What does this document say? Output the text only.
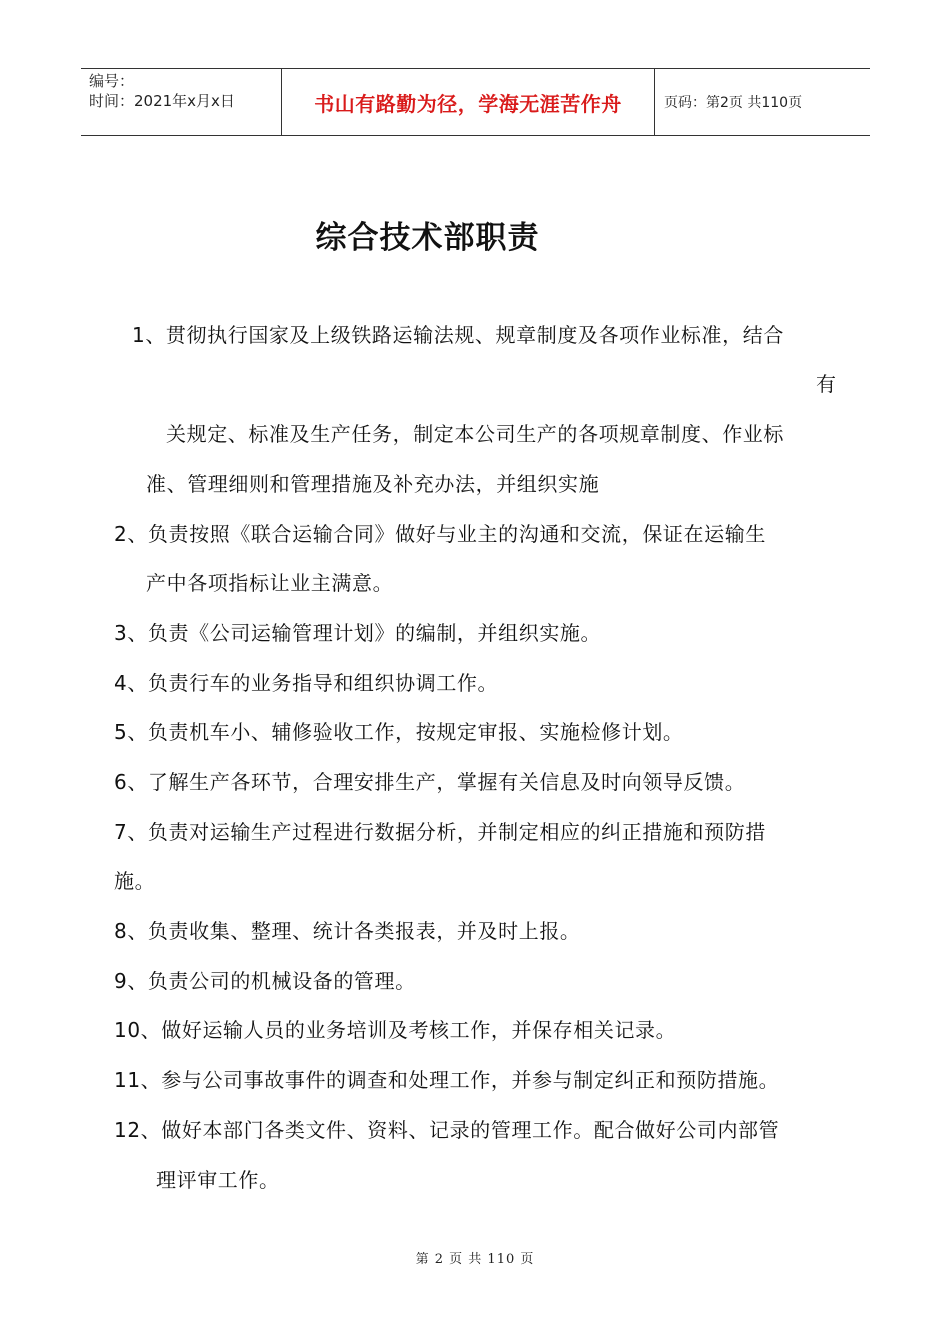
编号：
时间：2021年x月x日	书山有路勤为径，学海无涯苦作舟	页码：第2页 共110页
综合技术部职责
1、贯彻执行国家及上级铁路运输法规、规章制度及各项作业标准，结合
有
关规定、标准及生产任务，制定本公司生产的各项规章制度、作业标
准、管理细则和管理措施及补充办法，并组织实施
2、负责按照《联合运输合同》做好与业主的沟通和交流，保证在运输生
产中各项指标让业主满意。
3、负责《公司运输管理计划》的编制，并组织实施。
4、负责行车的业务指导和组织协调工作。
5、负责机车小、辅修验收工作，按规定审报、实施检修计划。
6、了解生产各环节，合理安排生产，掌握有关信息及时向领导反馈。
7、负责对运输生产过程进行数据分析，并制定相应的纠正措施和预防措
施。
8、负责收集、整理、统计各类报表，并及时上报。
9、负责公司的机械设备的管理。
10、做好运输人员的业务培训及考核工作，并保存相关记录。
11、参与公司事故事件的调查和处理工作，并参与制定纠正和预防措施。
12、做好本部门各类文件、资料、记录的管理工作。配合做好公司内部管
理评审工作。
第 2 页 共 110 页
